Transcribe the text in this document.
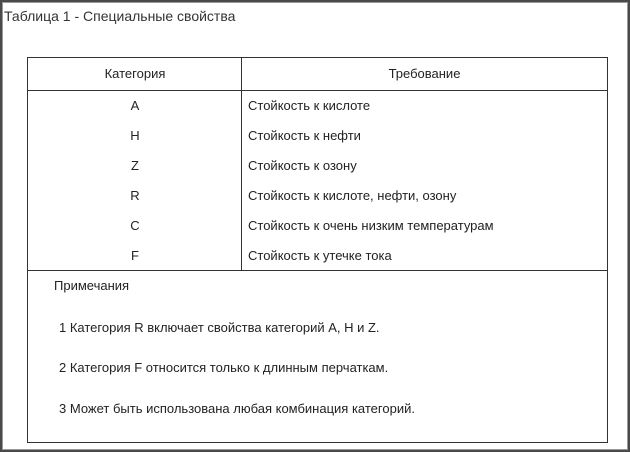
Таблица 1 - Специальные свойства
Категория	Требование
A	Стойкость к кислоте
H	Стойкость к нефти
Z	Стойкость к озону
R	Стойкость к кислоте, нефти, озону
C	Стойкость к очень низким температурам
F	Стойкость к утечке тока
Примечания
1 Категория R включает свойства категорий A, H и Z.
2 Категория F относится только к длинным перчаткам.
3 Может быть использована любая комбинация категорий.
